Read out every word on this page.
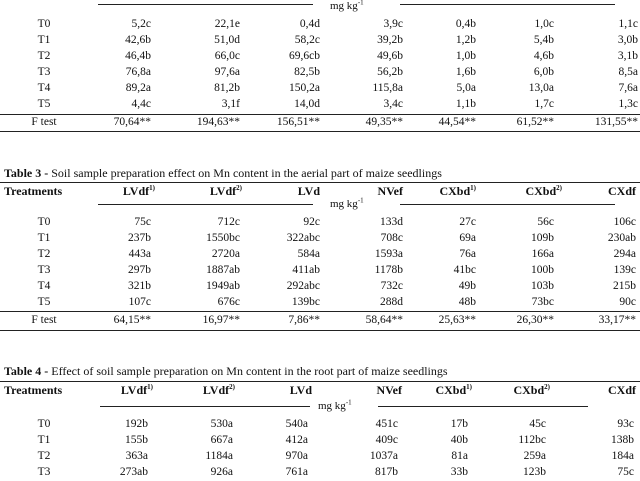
mg $kg^{-1}$
T0	5,2c	22,1e	0,4d	3,9c	0,4b	1,0c	1,1c
T1	42,6b	51,0d	58,2c	39,2b	1,2b	5,4b	3,0b
T2	46,4b	66,0c	69,6cb	49,6b	1,0b	4,6b	3,1b
T3	76,8a	97,6a	82,5b	56,2b	1,6b	6,0b	8,5a
T4	89,2a	81,2b	150,2a	115,8a	5,0a	13,0a	7,6a
T5	4,4c	3,1f	14,0d	3,4c	1,1b	1,7c	1,3c
F test	70,64**	194,63**	156,51**	49,35**	44,54**	61,52**	131,55**
Table 3 - Soil sample preparation effect on Mn content in the aerial part of maize seedlings
Treatments	LVdf$^{1)}$	LVdf$^{2)}$	LVd	NVef	CXbd$^{1)}$	CXbd$^{2)}$	CXdf
mg $kg^{-1}$
T0	75c	712c	92c	133d	27c	56c	106c
T1	237b	1550bc	322abc	708c	69a	109b	230ab
T2	443a	2720a	584a	1593a	76a	166a	294a
T3	297b	1887ab	411ab	1178b	41bc	100b	139c
T4	321b	1949ab	292abc	732c	49b	103b	215b
T5	107c	676c	139bc	288d	48b	73bc	90c
F test	64,15**	16,97**	7,86**	58,64**	25,63**	26,30**	33,17**
Table 4 - Effect of soil sample preparation on Mn content in the root part of maize seedlings
Treatments	LVdf$^{1)}$	LVdf$^{2)}$	LVd	NVef	CXbd$^{1)}$	CXbd$^{2)}$	CXdf
mg $kg^{-1}$
T0	192b	530a	540a	451c	17b	45c	93c
T1	155b	667a	412a	409c	40b	112bc	138b
T2	363a	1184a	970a	1037a	81a	259a	184a
T3	273ab	926a	761a	817b	33b	123b	75c
